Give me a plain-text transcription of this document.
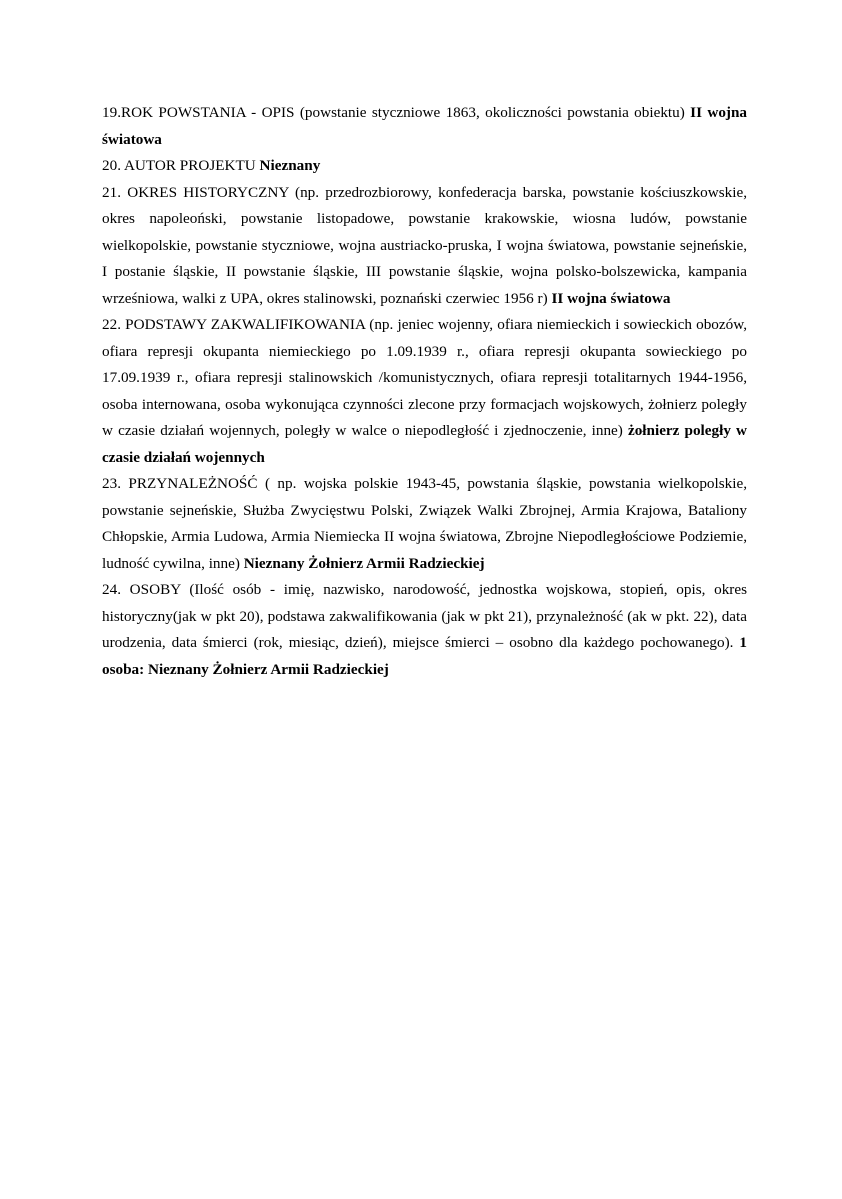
19.ROK POWSTANIA - OPIS (powstanie styczniowe 1863, okoliczności powstania obiektu) II wojna światowa

20. AUTOR PROJEKTU Nieznany

21. OKRES HISTORYCZNY (np. przedrozbiorowy, konfederacja barska, powstanie kościuszkowskie, okres napoleoński, powstanie listopadowe, powstanie krakowskie, wiosna ludów, powstanie wielkopolskie, powstanie styczniowe, wojna austriacko-pruska, I wojna światowa, powstanie sejneńskie, I postanie śląskie, II powstanie śląskie, III powstanie śląskie, wojna polsko-bolszewicka, kampania wrześniowa, walki z UPA, okres stalinowski, poznański czerwiec 1956 r) II wojna światowa

22. PODSTAWY ZAKWALIFIKOWANIA (np. jeniec wojenny, ofiara niemieckich i sowieckich obozów, ofiara represji okupanta niemieckiego po 1.09.1939 r., ofiara represji okupanta sowieckiego po 17.09.1939 r., ofiara represji stalinowskich /komunistycznych, ofiara represji totalitarnych 1944-1956, osoba internowana, osoba wykonująca czynności zlecone przy formacjach wojskowych, żołnierz poległy w czasie działań wojennych, poległy w walce o niepodległość i zjednoczenie, inne) żołnierz poległy w czasie działań wojennych

23. PRZYNALEŻNOŚĆ ( np. wojska polskie 1943-45, powstania śląskie, powstania wielkopolskie, powstanie sejneńskie, Służba Zwycięstwu Polski, Związek Walki Zbrojnej, Armia Krajowa, Bataliony Chłopskie, Armia Ludowa, Armia Niemiecka II wojna światowa, Zbrojne Niepodległościowe Podziemie, ludność cywilna, inne) Nieznany Żołnierz Armii Radzieckiej

24. OSOBY (Ilość osób - imię, nazwisko, narodowość, jednostka wojskowa, stopień, opis, okres historyczny(jak w pkt 20), podstawa zakwalifikowania (jak w pkt 21), przynależność (ak w pkt. 22), data urodzenia, data śmierci (rok, miesiąc, dzień), miejsce śmierci – osobno dla każdego pochowanego). 1 osoba: Nieznany Żołnierz Armii Radzieckiej
